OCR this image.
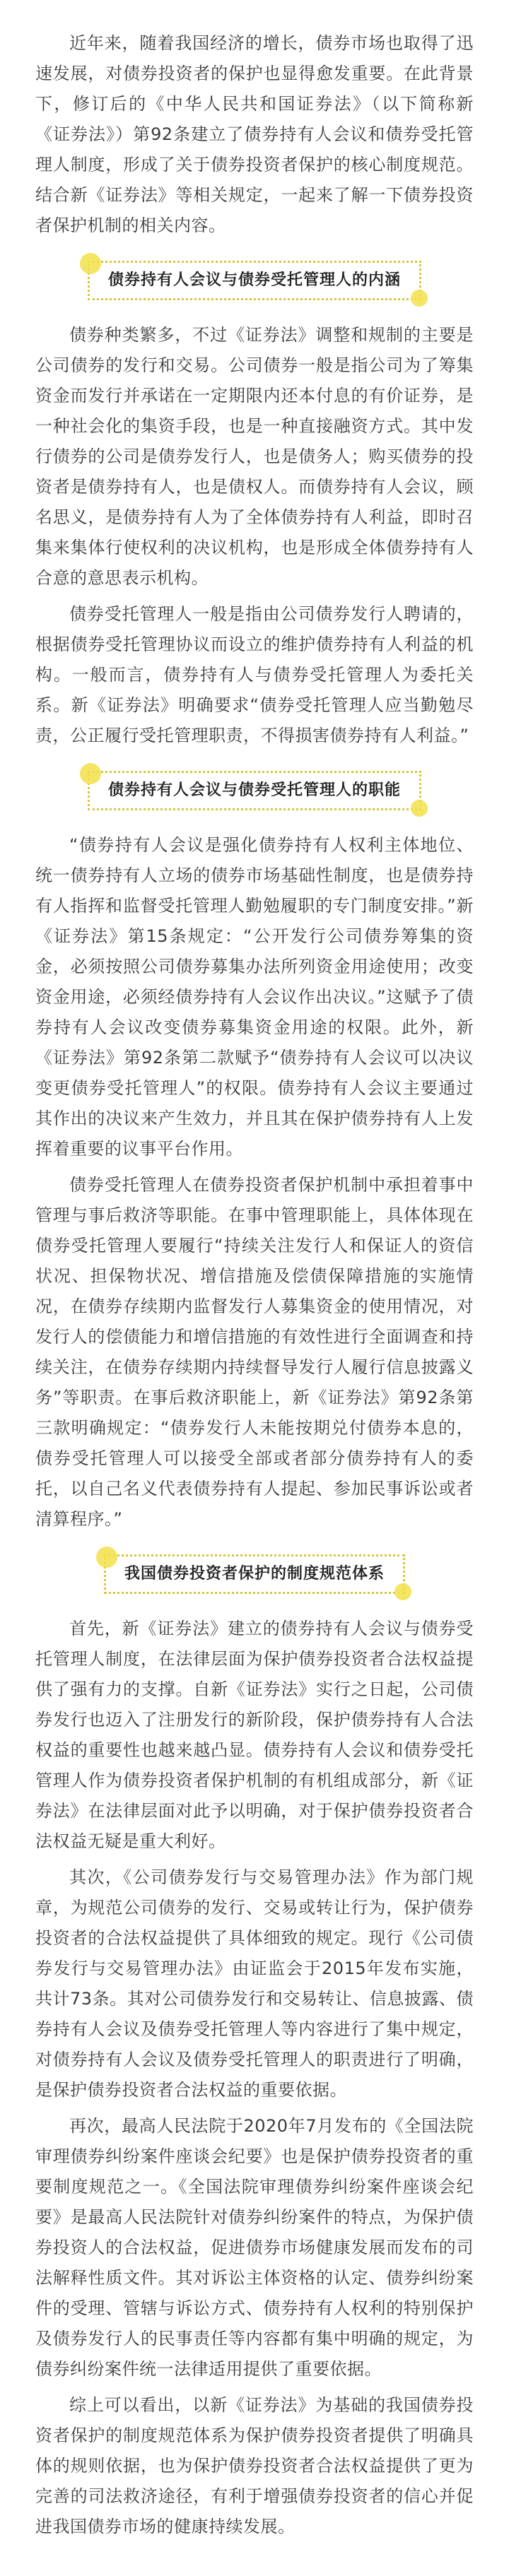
近年来，随着我国经济的增长，债券市场也取得了迅速发展，对债券投资者的保护也显得愈发重要。在此背景下，修订后的《中华人民共和国证券法》（以下简称新《证券法》）第92条建立了债券持有人会议和债券受托管理人制度，形成了关于债券投资者保护的核心制度规范。结合新《证券法》等相关规定，一起来了解一下债券投资者保护机制的相关内容。

债券持有人会议与债券受托管理人的内涵

债券种类繁多，不过《证券法》调整和规制的主要是公司债券的发行和交易。公司债券一般是指公司为了筹集资金而发行并承诺在一定期限内还本付息的有价证券，是一种社会化的集资手段，也是一种直接融资方式。其中发行债券的公司是债券发行人，也是债务人；购买债券的投资者是债券持有人，也是债权人。而债券持有人会议，顾名思义，是债券持有人为了全体债券持有人利益，即时召集来集体行使权利的决议机构，也是形成全体债券持有人合意的意思表示机构。

债券受托管理人一般是指由公司债券发行人聘请的，根据债券受托管理协议而设立的维护债券持有人利益的机构。一般而言，债券持有人与债券受托管理人为委托关系。新《证券法》明确要求“债券受托管理人应当勤勉尽责，公正履行受托管理职责，不得损害债券持有人利益。”

债券持有人会议与债券受托管理人的职能

“债券持有人会议是强化债券持有人权利主体地位、统一债券持有人立场的债券市场基础性制度，也是债券持有人指挥和监督受托管理人勤勉履职的专门制度安排。”新《证券法》第15条规定：“公开发行公司债券筹集的资金，必须按照公司债券募集办法所列资金用途使用；改变资金用途，必须经债券持有人会议作出决议。”这赋予了债券持有人会议改变债券募集资金用途的权限。此外，新《证券法》第92条第二款赋予“债券持有人会议可以决议变更债券受托管理人”的权限。债券持有人会议主要通过其作出的决议来产生效力，并且其在保护债券持有人上发挥着重要的议事平台作用。

债券受托管理人在债券投资者保护机制中承担着事中管理与事后救济等职能。在事中管理职能上，具体体现在债券受托管理人要履行“持续关注发行人和保证人的资信状况、担保物状况、增信措施及偿债保障措施的实施情况，在债券存续期内监督发行人募集资金的使用情况，对发行人的偿债能力和增信措施的有效性进行全面调查和持续关注，在债券存续期内持续督导发行人履行信息披露义务”等职责。在事后救济职能上，新《证券法》第92条第三款明确规定：“债券发行人未能按期兑付债券本息的，债券受托管理人可以接受全部或者部分债券持有人的委托，以自己名义代表债券持有人提起、参加民事诉讼或者清算程序。”

我国债券投资者保护的制度规范体系

首先，新《证券法》建立的债券持有人会议与债券受托管理人制度，在法律层面为保护债券投资者合法权益提供了强有力的支撑。自新《证券法》实行之日起，公司债券发行也迈入了注册发行的新阶段，保护债券持有人合法权益的重要性也越来越凸显。债券持有人会议和债券受托管理人作为债券投资者保护机制的有机组成部分，新《证券法》在法律层面对此予以明确，对于保护债券投资者合法权益无疑是重大利好。

其次，《公司债券发行与交易管理办法》作为部门规章，为规范公司债券的发行、交易或转让行为，保护债券投资者的合法权益提供了具体细致的规定。现行《公司债券发行与交易管理办法》由证监会于2015年发布实施，共计73条。其对公司债券发行和交易转让、信息披露、债券持有人会议及债券受托管理人等内容进行了集中规定，对债券持有人会议及债券受托管理人的职责进行了明确，是保护债券投资者合法权益的重要依据。

再次，最高人民法院于2020年7月发布的《全国法院审理债券纠纷案件座谈会纪要》也是保护债券投资者的重要制度规范之一。《全国法院审理债券纠纷案件座谈会纪要》是最高人民法院针对债券纠纷案件的特点，为保护债券投资人的合法权益，促进债券市场健康发展而发布的司法解释性质文件。其对诉讼主体资格的认定、债券纠纷案件的受理、管辖与诉讼方式、债券持有人权利的特别保护及债券发行人的民事责任等内容都有集中明确的规定，为债券纠纷案件统一法律适用提供了重要依据。

综上可以看出，以新《证券法》为基础的我国债券投资者保护的制度规范体系为保护债券投资者提供了明确具体的规则依据，也为保护债券投资者合法权益提供了更为完善的司法救济途径，有利于增强债券投资者的信心并促进我国债券市场的健康持续发展。
